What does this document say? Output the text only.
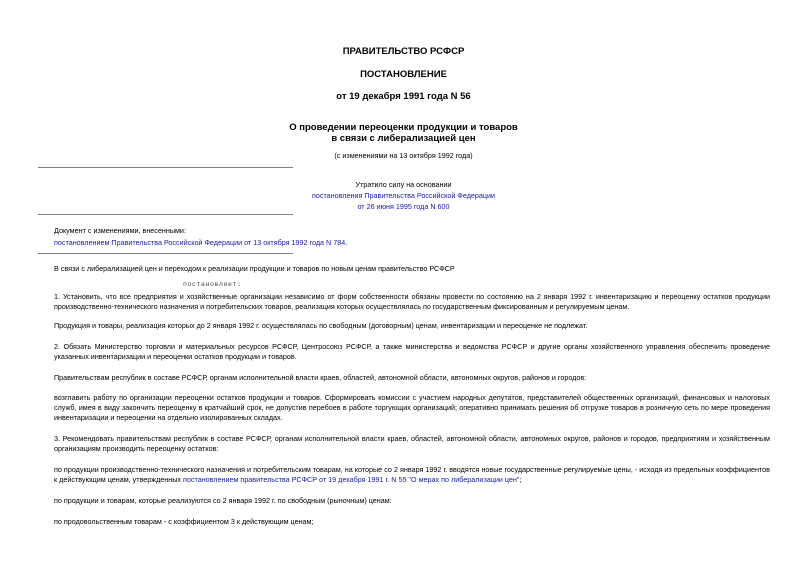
ПРАВИТЕЛЬСТВО РСФСР
ПОСТАНОВЛЕНИЕ
от 19 декабря 1991 года N 56
О проведении переоценки продукции и товаров
в связи с либерализацией цен
(с изменениями на 13 октября 1992 года)
Утратило силу на основании
постановления Правительства Российской Федерации
от 26 июня 1995 года N 600
Документ с изменениями, внесенными:
постановлением Правительства Российской Федерации от 13 октября 1992 года N 784.
В связи с либерализацией цен и переходом к реализации продукции и товаров по новым ценам правительство РСФСР
постановляет:
1. Установить, что все предприятия и хозяйственные организации независимо от форм собственности обязаны провести по состоянию на 2 января 1992 г. инвентаризацию и переоценку остатков продукции производственно-технического назначения и потребительских товаров, реализация которых осуществлялась по государственным фиксированным и регулируемым ценам.
Продукция и товары, реализация которых до 2 января 1992 г. осуществлялась по свободным (договорным) ценам, инвентаризации и переоценке не подлежат.
2. Обязать Министерство торговли и материальных ресурсов РСФСР, Центросоюз РСФСР, а также министерства и ведомства РСФСР и другие органы хозяйственного управления обеспечить проведение указанных инвентаризации и переоценки остатков продукции и товаров.
Правительствам республик в составе РСФСР, органам исполнительной власти краев, областей, автономной области, автономных округов, районов и городов:
возглавить работу по организации переоценки остатков продукции и товаров. Сформировать комиссии с участием народных депутатов, представителей общественных организаций, финансовых и налоговых служб, имея в виду закончить переоценку в кратчайший срок, не допустив перебоев в работе торгующих организаций; оперативно принимать решения об отгрузке товаров в розничную сеть по мере проведения инвентаризации и переоценки на отдельно изолированных складах.
3. Рекомендовать правительствам республик в составе РСФСР, органам исполнительной власти краев, областей, автономной области, автономных округов, районов и городов, предприятиям и хозяйственным организациям производить переоценку остатков:
по продукции производственно-технического назначения и потребительским товарам, на которые со 2 января 1992 г. вводятся новые государственные регулируемые цены, - исходя из предельных коэффициентов к действующим ценам, утвержденных постановлением правительства РСФСР от 19 декабря 1991 г. N 55 "О мерах по либерализации цен";
по продукции и товарам, которые реализуются со 2 января 1992 г. по свободным (рыночным) ценам:
по продовольственным товарам - с коэффициентом 3 к действующим ценам;
